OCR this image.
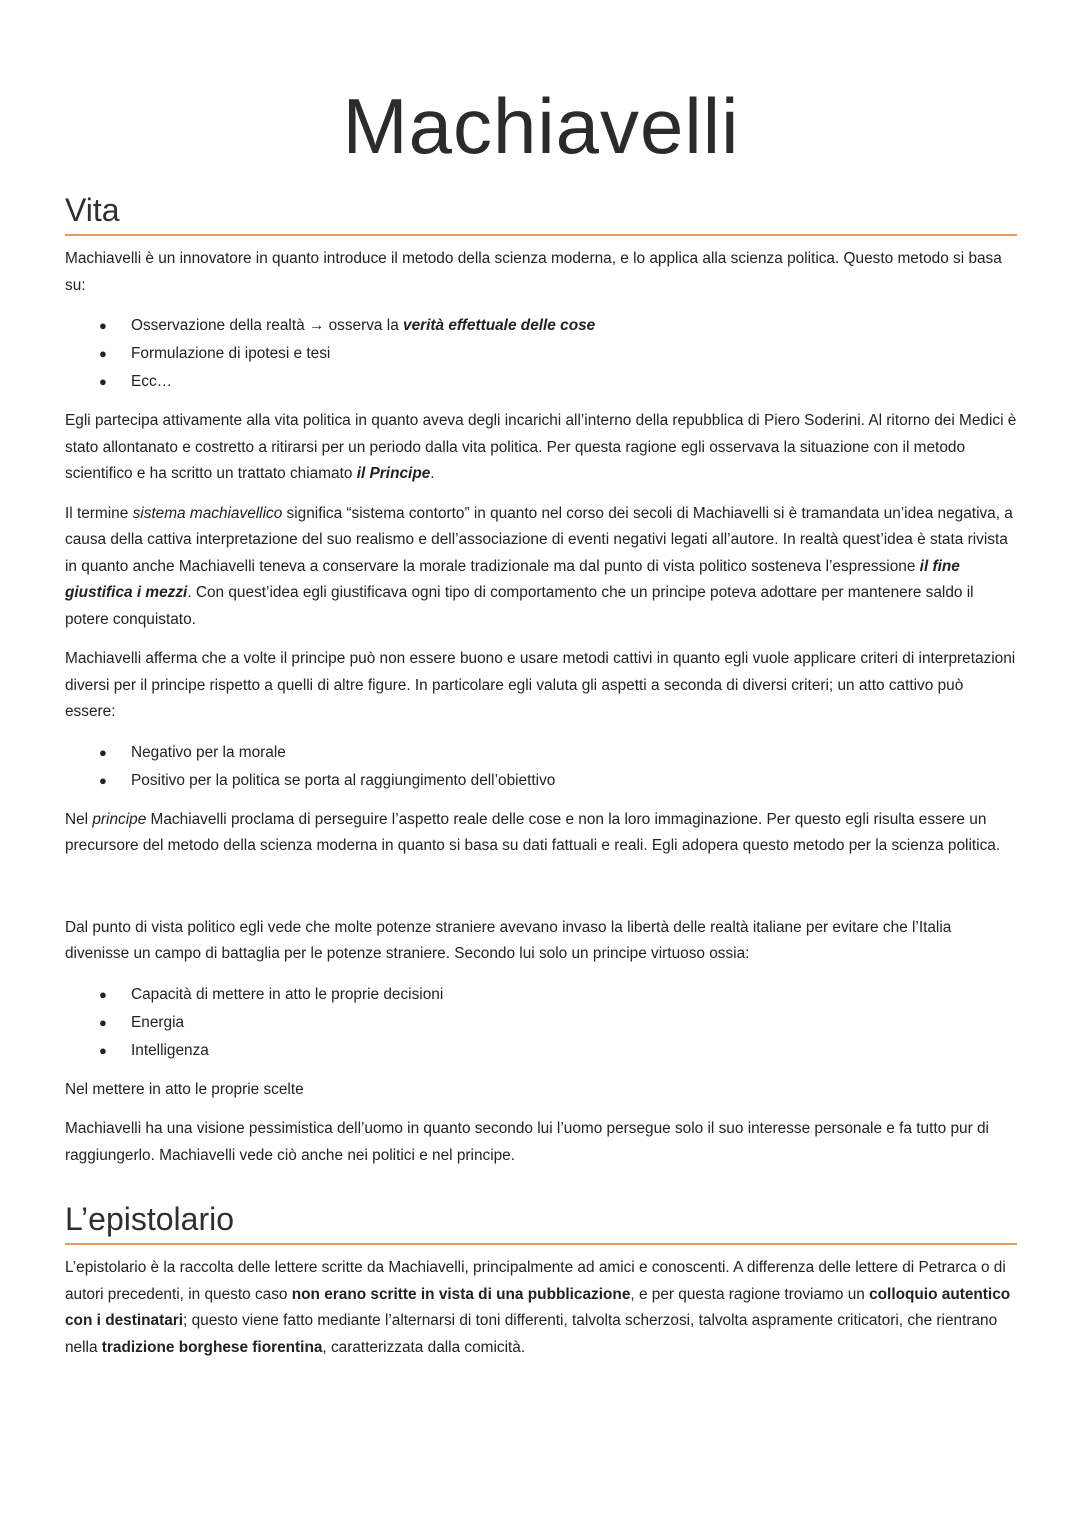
Machiavelli
Vita

Machiavelli è un innovatore in quanto introduce il metodo della scienza moderna, e lo applica alla scienza politica. Questo metodo si basa su:

● Osservazione della realtà → osserva la verità effettuale delle cose
● Formulazione di ipotesi e tesi
● Ecc…

Egli partecipa attivamente alla vita politica in quanto aveva degli incarichi all’interno della repubblica di Piero Soderini. Al ritorno dei Medici è stato allontanato e costretto a ritirarsi per un periodo dalla vita politica. Per questa ragione egli osservava la situazione con il metodo scientifico e ha scritto un trattato chiamato il Principe.

Il termine sistema machiavellico significa “sistema contorto” in quanto nel corso dei secoli di Machiavelli si è tramandata un’idea negativa, a causa della cattiva interpretazione del suo realismo e dell’associazione di eventi negativi legati all’autore. In realtà quest’idea è stata rivista in quanto anche Machiavelli teneva a conservare la morale tradizionale ma dal punto di vista politico sosteneva l’espressione il fine giustifica i mezzi. Con quest’idea egli giustificava ogni tipo di comportamento che un principe poteva adottare per mantenere saldo il potere conquistato.

Machiavelli afferma che a volte il principe può non essere buono e usare metodi cattivi in quanto egli vuole applicare criteri di interpretazioni diversi per il principe rispetto a quelli di altre figure. In particolare egli valuta gli aspetti a seconda di diversi criteri; un atto cattivo può essere:

● Negativo per la morale
● Positivo per la politica se porta al raggiungimento dell’obiettivo

Nel principe Machiavelli proclama di perseguire l’aspetto reale delle cose e non la loro immaginazione. Per questo egli risulta essere un precursore del metodo della scienza moderna in quanto si basa su dati fattuali e reali. Egli adopera questo metodo per la scienza politica.

Dal punto di vista politico egli vede che molte potenze straniere avevano invaso la libertà delle realtà italiane per evitare che l’Italia divenisse un campo di battaglia per le potenze straniere. Secondo lui solo un principe virtuoso ossia:

● Capacità di mettere in atto le proprie decisioni
● Energia
● Intelligenza

Nel mettere in atto le proprie scelte

Machiavelli ha una visione pessimistica dell’uomo in quanto secondo lui l’uomo persegue solo il suo interesse personale e fa tutto pur di raggiungerlo. Machiavelli vede ciò anche nei politici e nel principe.

L’epistolario

L’epistolario è la raccolta delle lettere scritte da Machiavelli, principalmente ad amici e conoscenti. A differenza delle lettere di Petrarca o di autori precedenti, in questo caso non erano scritte in vista di una pubblicazione, e per questa ragione troviamo un colloquio autentico con i destinatari; questo viene fatto mediante l’alternarsi di toni differenti, talvolta scherzosi, talvolta aspramente criticatori, che rientrano nella tradizione borghese fiorentina, caratterizzata dalla comicità.
